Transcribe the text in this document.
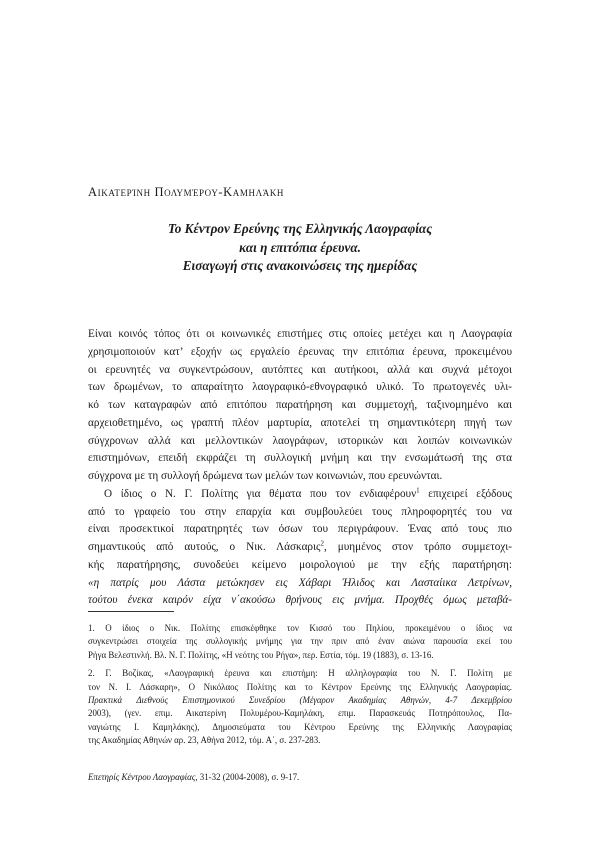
Αικατερίνη Πολυμέρου-Καμηλάκη
Το Κέντρον Ερεύνης της Ελληνικής Λαογραφίας
και η επιτόπια έρευνα.
Εισαγωγή στις ανακοινώσεις της ημερίδας
Είναι κοινός τόπος ότι οι κοινωνικές επιστήμες στις οποίες μετέχει και η Λαογραφία
χρησιμοποιούν κατ’ εξοχήν ως εργαλείο έρευνας την επιτόπια έρευνα, προκειμένου
οι ερευνητές να συγκεντρώσουν, αυτόπτες και αυτήκοοι, αλλά και συχνά μέτοχοι
των δρωμένων, το απαραίτητο λαογραφικό-εθνογραφικό υλικό. Το πρωτογενές υλι-
κό των καταγραφών από επιτόπου παρατήρηση και συμμετοχή, ταξινομημένο και
αρχειοθετημένο, ως γραπτή πλέον μαρτυρία, αποτελεί τη σημαντικότερη πηγή των
σύγχρονων αλλά και μελλοντικών λαογράφων, ιστορικών και λοιπών κοινωνικών
επιστημόνων, επειδή εκφράζει τη συλλογική μνήμη και την ενσωμάτωσή της στα
σύγχρονα με τη συλλογή δρώμενα των μελών των κοινωνιών, που ερευνώνται.
Ο ίδιος ο Ν. Γ. Πολίτης για θέματα που τον ενδιαφέρουν$^1$ επιχειρεί εξόδους
από το γραφείο του στην επαρχία και συμβουλεύει τους πληροφορητές του να
είναι προσεκτικοί παρατηρητές των όσων του περιγράφουν. Ένας από τους πιο
σημαντικούς από αυτούς, ο Νικ. Λάσκαρις$^2$, μυημένος στον τρόπο συμμετοχι-
κής παρατήρησης, συνοδεύει κείμενο μοιρολογιού με την εξής παρατήρηση:
«η πατρίς μου Λάστα μετώκησεν εις Χάβαρι Ήλιδος και Λασταίικα Λετρίνων,
τούτου ένεκα καιρόν είχα ν΄ακούσω θρήνους εις μνήμα. Προχθές όμως μεταβά-
1. Ο ίδιος ο Νικ. Πολίτης επισκέφθηκε τον Κισσό του Πηλίου, προκειμένου ο ίδιος να
συγκεντρώσει στοιχεία της συλλογικής μνήμης για την πριν από έναν αιώνα παρουσία εκεί του
Ρήγα Βελεστινλή. Βλ. Ν. Γ. Πολίτης, «Η νεότης του Ρήγα», περ. Εστία, τόμ. 19 (1883), σ. 13-16.
2. Γ. Βοζίκας, «Λαογραφική έρευνα και επιστήμη: Η αλληλογραφία του Ν. Γ. Πολίτη με
τον Ν. Ι. Λάσκαρη», Ο Νικόλαος Πολίτης και το Κέντρον Ερεύνης της Ελληνικής Λαογραφίας.
Πρακτικά Διεθνούς Επιστημονικού Συνεδρίου (Μέγαρον Ακαδημίας Αθηνών, 4-7 Δεκεμβρίου
2003), (γεν. επιμ. Αικατερίνη Πολυμέρου-Καμηλάκη, επιμ. Παρασκευάς Ποτηρόπουλος, Πα-
ναγιώτης Ι. Καμηλάκης), Δημοσιεύματα του Κέντρου Ερεύνης της Ελληνικής Λαογραφίας
της Ακαδημίας Αθηνών αρ. 23, Αθήνα 2012, τόμ. Α΄, σ. 237-283.
Επετηρίς Κέντρου Λαογραφίας, 31-32 (2004-2008), σ. 9-17.
